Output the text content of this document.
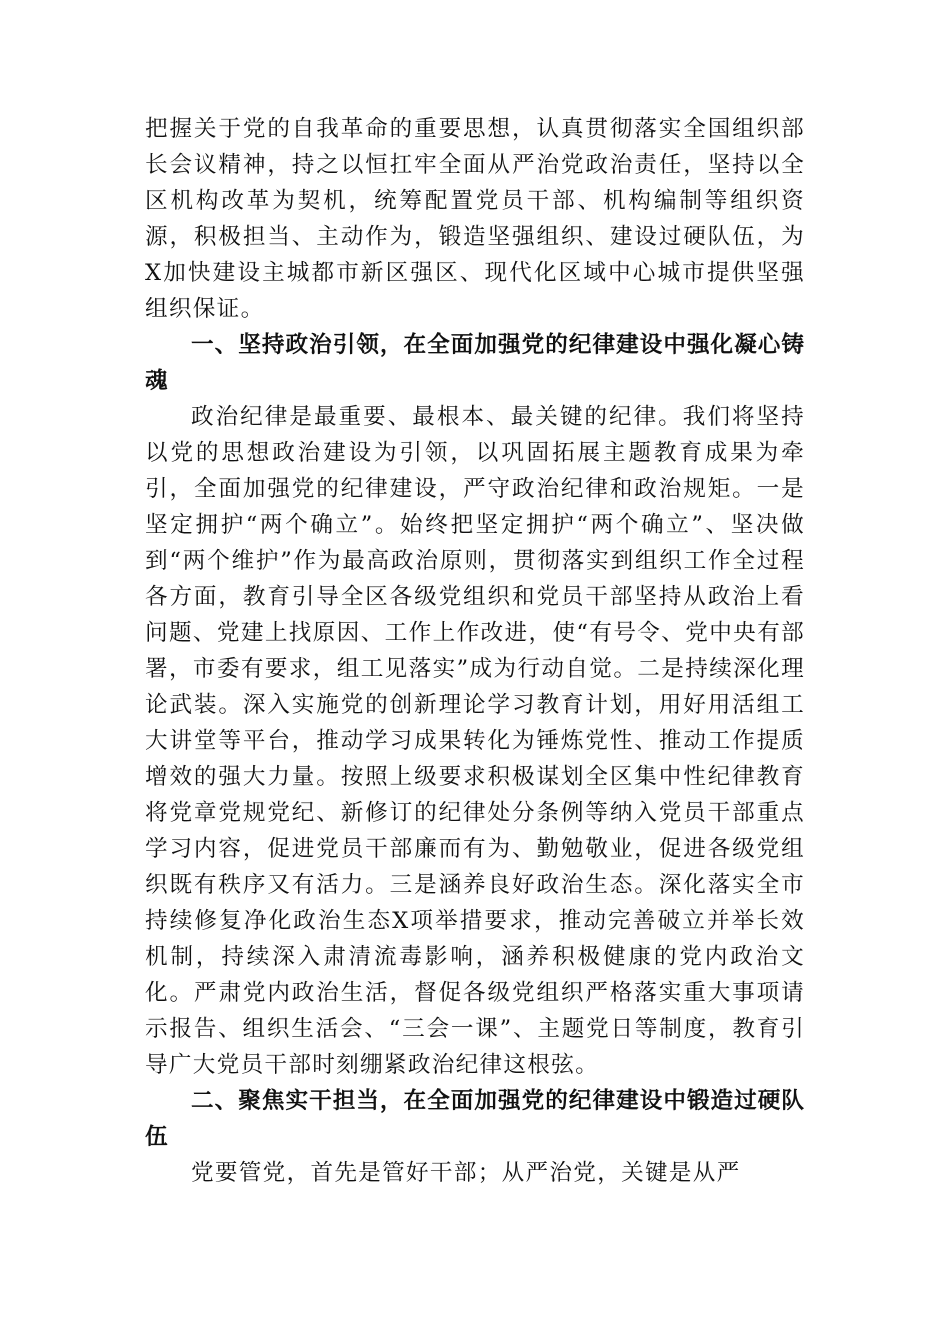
把握关于党的自我革命的重要思想，认真贯彻落实全国组织部长会议精神，持之以恒扛牢全面从严治党政治责任，坚持以全区机构改革为契机，统筹配置党员干部、机构编制等组织资源，积极担当、主动作为，锻造坚强组织、建设过硬队伍，为X加快建设主城都市新区强区、现代化区域中心城市提供坚强组织保证。

一、坚持政治引领，在全面加强党的纪律建设中强化凝心铸魂

政治纪律是最重要、最根本、最关键的纪律。我们将坚持以党的思想政治建设为引领，以巩固拓展主题教育成果为牵引，全面加强党的纪律建设，严守政治纪律和政治规矩。一是坚定拥护“两个确立”。始终把坚定拥护“两个确立”、坚决做到“两个维护”作为最高政治原则，贯彻落实到组织工作全过程各方面，教育引导全区各级党组织和党员干部坚持从政治上看问题、党建上找原因、工作上作改进，使“有号令、党中央有部署，市委有要求，组工见落实”成为行动自觉。二是持续深化理论武装。深入实施党的创新理论学习教育计划，用好用活组工大讲堂等平台，推动学习成果转化为锤炼党性、推动工作提质增效的强大力量。按照上级要求积极谋划全区集中性纪律教育将党章党规党纪、新修订的纪律处分条例等纳入党员干部重点学习内容，促进党员干部廉而有为、勤勉敬业，促进各级党组织既有秩序又有活力。三是涵养良好政治生态。深化落实全市持续修复净化政治生态X项举措要求，推动完善破立并举长效机制，持续深入肃清流毒影响，涵养积极健康的党内政治文化。严肃党内政治生活，督促各级党组织严格落实重大事项请示报告、组织生活会、“三会一课”、主题党日等制度，教育引导广大党员干部时刻绷紧政治纪律这根弦。

二、聚焦实干担当，在全面加强党的纪律建设中锻造过硬队伍

党要管党，首先是管好干部；从严治党，关键是从严
